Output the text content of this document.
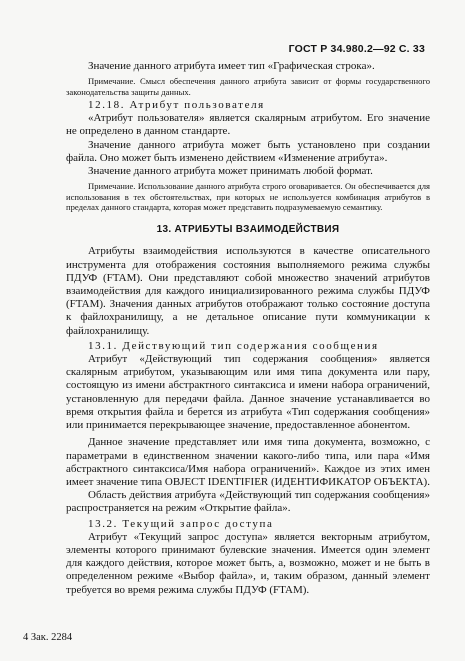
ГОСТ Р 34.980.2—92 С. 33

Значение данного атрибута имеет тип «Графическая строка».

Примечание. Смысл обеспечения данного атрибута зависит от формы государственного законодательства защиты данных.

12.18. Атрибут пользователя

«Атрибут пользователя» является скалярным атрибутом. Его значение не определено в данном стандарте.

Значение данного атрибута может быть установлено при создании файла. Оно может быть изменено действием «Изменение атрибута».

Значение данного атрибута может принимать любой формат.

Примечание. Использование данного атрибута строго оговаривается. Он обеспечивается для использования в тех обстоятельствах, при которых не используется комбинация атрибутов в пределах данного стандарта, которая может представить подразумеваемую семантику.

13. АТРИБУТЫ ВЗАИМОДЕЙСТВИЯ

Атрибуты взаимодействия используются в качестве описательного инструмента для отображения состояния выполняемого режима службы ПДУФ (FTAM). Они представляют собой множество значений атрибутов взаимодействия для каждого инициализированного режима службы ПДУФ (FTAM). Значения данных атрибутов отображают только состояние доступа к файлохранилищу, а не детальное описание пути коммуникации к файлохранилищу.

13.1. Действующий тип содержания сообщения

Атрибут «Действующий тип содержания сообщения» является скалярным атрибутом, указывающим или имя типа документа или пару, состоящую из имени абстрактного синтаксиса и имени набора ограничений, установленную для передачи файла. Данное значение устанавливается во время открытия файла и берется из атрибута «Тип содержания сообщения» или принимается перекрывающее значение, предоставленное абонентом.

Данное значение представляет или имя типа документа, возможно, с параметрами в единственном значении какого-либо типа, или пара «Имя абстрактного синтаксиса/Имя набора ограничений». Каждое из этих имен имеет значение типа OBJECT IDENTIFIER (ИДЕНТИФИКАТОР ОБЪЕКТА).

Область действия атрибута «Действующий тип содержания сообщения» распространяется на режим «Открытие файла».

13.2. Текущий запрос доступа

Атрибут «Текущий запрос доступа» является векторным атрибутом, элементы которого принимают булевские значения. Имеется один элемент для каждого действия, которое может быть, а, возможно, может и не быть в определенном режиме «Выбор файла», и, таким образом, данный элемент требуется во время режима службы ПДУФ (FTAM).

4 Зак. 2284
